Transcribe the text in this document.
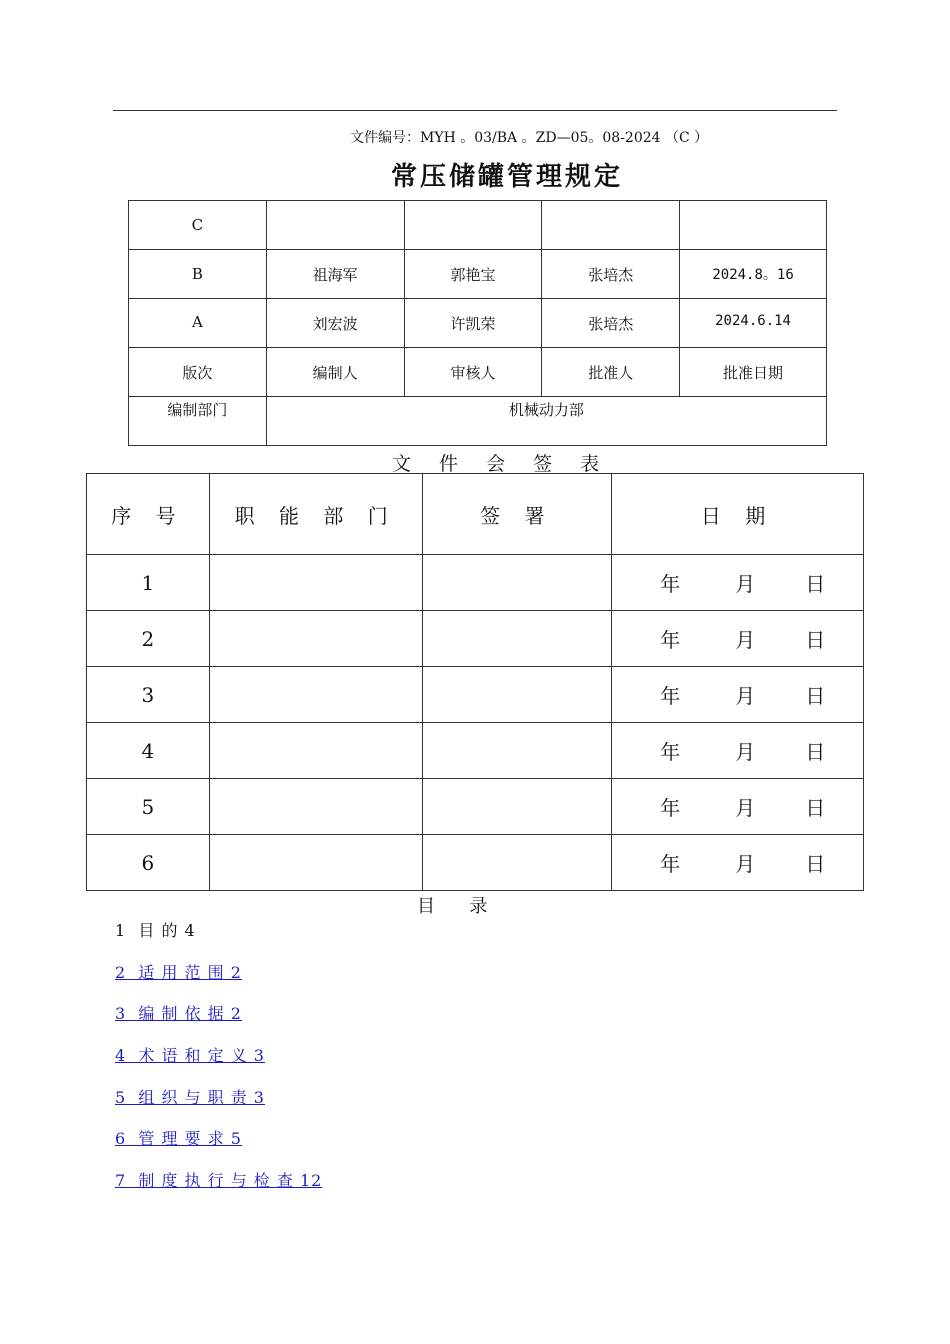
文件编号：MYH 。03/BA 。ZD—05。08-2024 （C ）
常压储罐管理规定
C				
B	祖海军	郭艳宝	张培杰	2024.8。16
A	刘宏波	许凯荣	张培杰	2024.6.14
版次	编制人	审核人	批准人	批准日期
编制部门	机械动力部			
文 件 会 签 表
序 号	职 能 部 门	签 署	日 期
1			年 月 日
2			年 月 日
3			年 月 日
4			年 月 日
5			年 月 日
6			年 月 日
目      录
1  目 的 4
2  适 用 范 围 2
3  编 制 依 据 2
4  术 语 和 定 义 3
5  组 织 与 职 责 3
6  管 理 要 求 5
7  制 度 执 行 与 检 查 12
